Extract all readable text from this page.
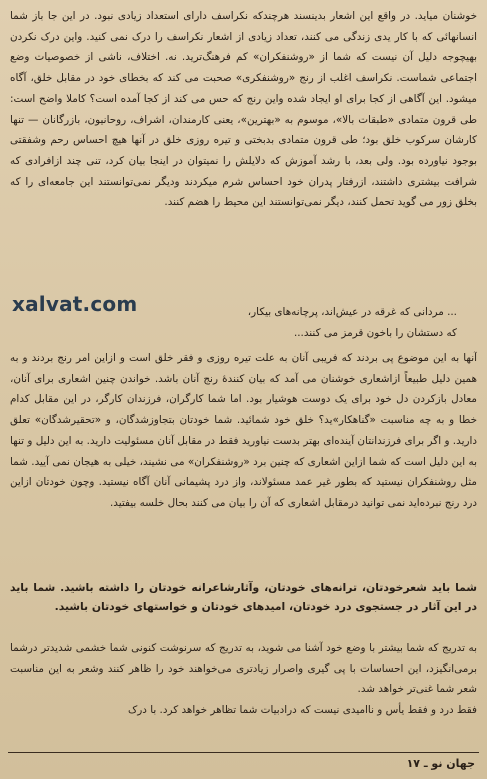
خوشنان میاید. در واقع این اشعار بدینسند هرچندکه نکراسف دارای استعداد زیادی نبود. در این جا باز شما انسانهائی که با کار یدی زندگی می کنند، تعداد زیادی از اشعار نکراسف را درک نمی کنید. واین درک نکردن بهیچوجه دلیل آن نیست که شما از «روشنفکران» کم فرهنگ‌ترید. نه. اختلاف، ناشی از خصوصیات وضع اجتماعی شماست. نکراسف اغلب از رنج «روشنفکری» صحبت می کند که بخطای خود در مقابل خلق، آگاه میشود. این آگاهی از کجا برای او ایجاد شده واین رنج که حس می کند از کجا آمده است؟ کاملا واضح است: طی قرون متمادی «طبقات بالا»، موسوم به «بهترین»، یعنی کارمندان، اشراف، روحانیون، بازرگانان — تنها کارشان سرکوب خلق بود؛ طی قرون متمادی بدبختی و تیره روزی خلق در آنها هیچ احساس رحم وشفقتی بوجود نیاورده بود. ولی بعد، با رشد آموزش که دلایلش را نمیتوان در اینجا بیان کرد، تنی چند ازافرادی که شرافت بیشتری داشتند، ازرفتار پدران خود احساس شرم میکردند ودیگر نمی‌توانستند این جامعه‌ای را که بخلق زور می گوید تحمل کنند، دیگر نمی‌توانستند این محیط را هضم کنند.

xalvat.com	... مردانی که غرقه در عیش‌اند، پرچانه‌های بیکار،
که دستشان را باخون قرمز می کنند...

آنها به این موضوع پی بردند که فریبی آنان به علت تیره روزی و فقر خلق است و ازاین امر رنج بردند و به همین دلیل طبیعاً ازاشعاری خوشنان می آمد که بیان کنندهٔ رنج آنان باشد. خواندن چنین اشعاری برای آنان، معادل بازکردن دل خود برای یک دوست هوشیار بود. اما شما کارگران، فرزندان کارگر، در این مقابل کدام خطا و به چه مناسبت «گناهکار»ید؟ خلق خود شمائید. شما خودتان بتجاوزشدگان، و «تحقیرشدگان» تعلق دارید. و اگر برای فرزندانتان آینده‌ای بهتر بدست نیاورید فقط در مقابل آنان مسئولیت دارید. به این دلیل و تنها به این دلیل است که شما ازاین اشعاری که چنین برد «روشنفکران» می نشیند، خیلی به هیجان نمی آیید. شما مثل روشنفکران نیستید که بطور غیر عمد مسئولاند، واز درد پشیمانی آنان آگاه نیستید. وچون خودتان ازاین درد رنج نبرده‌اید نمی توانید درمقابل اشعاری که آن را بیان می کنند بحال خلسه بیفتید.

شما باید شعرخودتان، ترانه‌های خودتان، وآثارشاعرانه خودتان را داشته باشید. شما باید در این آثار در جستجوی درد خودتان، امیدهای خودتان و خواستهای خودتان باشید.

به تدریج که شما بیشتر با وضع خود آشنا می شوید، به تدریج که سرنوشت کنونی شما خشمی شدیدتر درشما برمی‌انگیزد، این احساسات با پی گیری واصرار زیادتری می‌خواهند خود را ظاهر کنند وشعر به این مناسبت شعر شما غنی‌تر خواهد شد.

فقط درد و فقط یأس و ناامیدی نیست که درادبیات شما تظاهر خواهد کرد. با درک

جهان نو ـ ۱۷
